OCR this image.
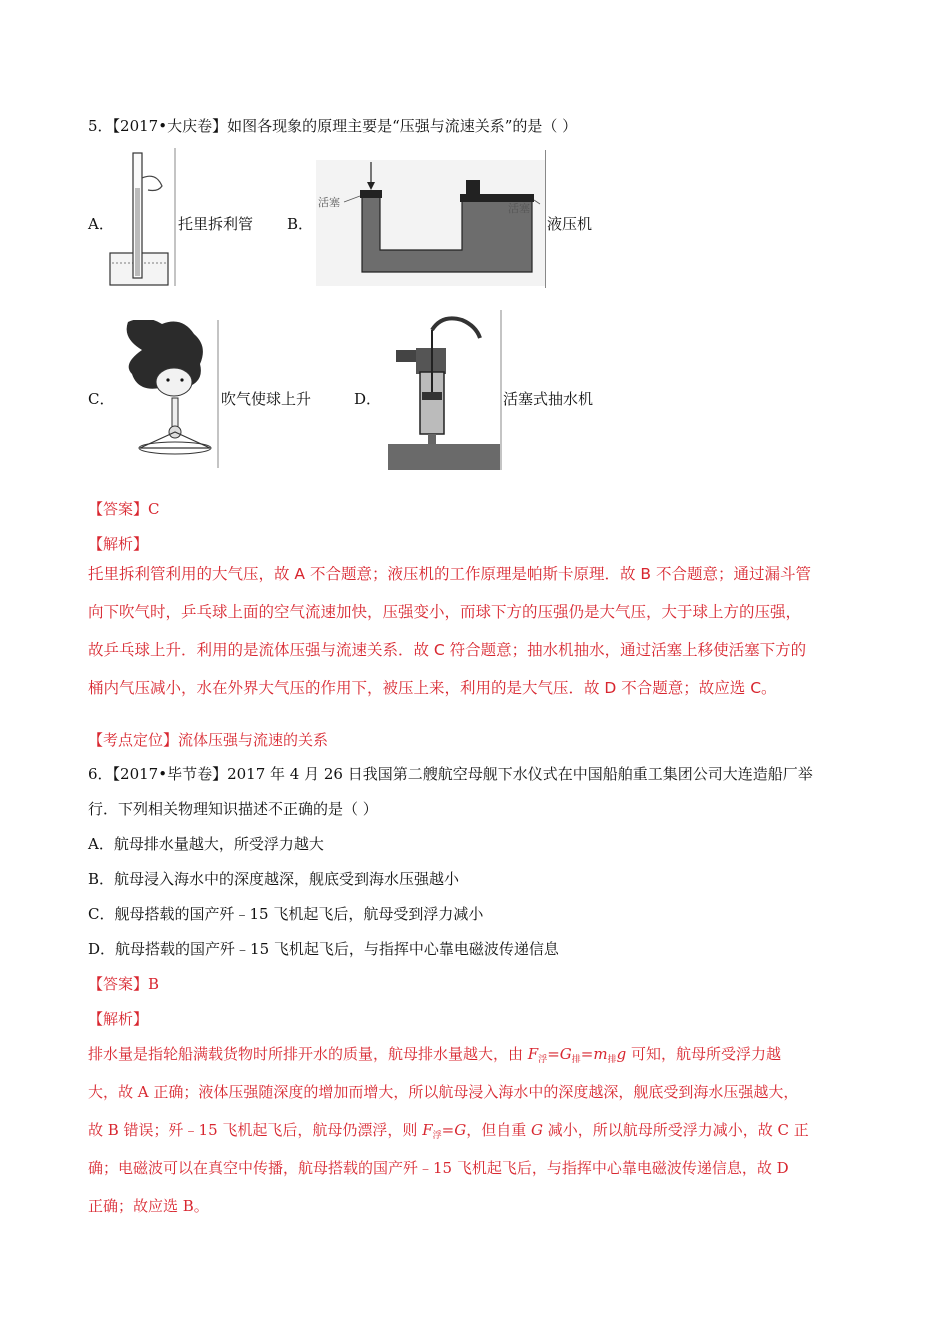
5．【2017•大庆卷】如图各现象的原理主要是“压强与流速关系”的是（ ）
A．	托里拆利管
活塞	活塞
B．	液压机
C．	吹气使球上升	D．	活塞式抽水机
【答案】C
【解析】
托里拆利管利用的大气压，故 A 不合题意；液压机的工作原理是帕斯卡原理．故 B 不合题意；通过漏斗管
向下吹气时，乒乓球上面的空气流速加快，压强变小，而球下方的压强仍是大气压，大于球上方的压强，
故乒乓球上升．利用的是流体压强与流速关系．故 C 符合题意；抽水机抽水，通过活塞上移使活塞下方的
桶内气压减小，水在外界大气压的作用下，被压上来，利用的是大气压．故 D 不合题意；故应选 C。
【考点定位】流体压强与流速的关系
6．【2017•毕节卷】2017 年 4 月 26 日我国第二艘航空母舰下水仪式在中国船舶重工集团公司大连造船厂举
行．下列相关物理知识描述不正确的是（ ）
A．航母排水量越大，所受浮力越大
B．航母浸入海水中的深度越深，舰底受到海水压强越小
C．舰母搭载的国产歼﹣15 飞机起飞后，航母受到浮力减小
D．航母搭载的国产歼﹣15 飞机起飞后，与指挥中心靠电磁波传递信息
【答案】B
【解析】
排水量是指轮船满载货物时所排开水的质量，航母排水量越大，由 $F_浮=G_排=m_排g$ 可知，航母所受浮力越
大，故 A 正确；液体压强随深度的增加而增大，所以航母浸入海水中的深度越深，舰底受到海水压强越大，
故 B 错误；歼﹣15 飞机起飞后，航母仍漂浮，则 $F_浮=G$，但自重 G 减小，所以航母所受浮力减小，故 C 正
确；电磁波可以在真空中传播，航母搭载的国产歼﹣15 飞机起飞后，与指挥中心靠电磁波传递信息，故 D
正确；故应选 B。
